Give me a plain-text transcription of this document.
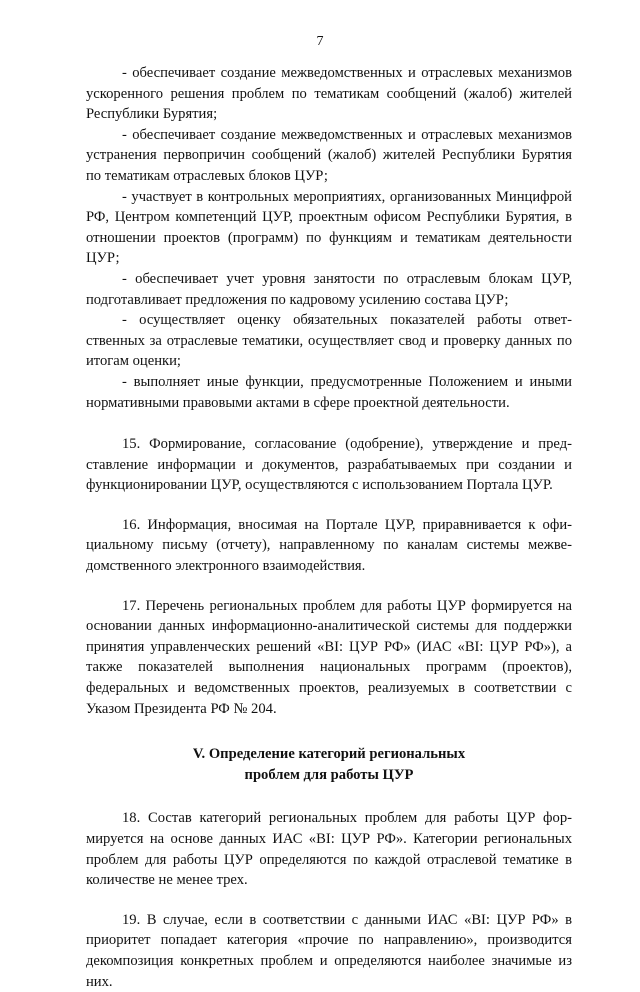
7

- обеспечивает создание межведомственных и отраслевых механизмов ускоренного решения проблем по тематикам сообщений (жалоб) жителей Республики Бурятия;

- обеспечивает создание межведомственных и отраслевых механизмов устранения первопричин сообщений (жалоб) жителей Республики Бурятия по тематикам отраслевых блоков ЦУР;

- участвует в контрольных мероприятиях, организованных Минцифрой РФ, Центром компетенций ЦУР, проектным офисом Республики Бурятия, в отношении проектов (программ) по функциям и тематикам деятельности ЦУР;

- обеспечивает учет уровня занятости по отраслевым блокам ЦУР, подготавливает предложения по кадровому усилению состава ЦУР;

- осуществляет оценку обязательных показателей работы ответственных за отраслевые тематики, осуществляет свод и проверку данных по итогам оценки;

- выполняет иные функции, предусмотренные Положением и иными нормативными правовыми актами в сфере проектной деятельности.

15. Формирование, согласование (одобрение), утверждение и представление информации и документов, разрабатываемых при создании и функционировании ЦУР, осуществляются с использованием Портала ЦУР.

16. Информация, вносимая на Портале ЦУР, приравнивается к официальному письму (отчету), направленному по каналам системы межведомственного электронного взаимодействия.

17. Перечень региональных проблем для работы ЦУР формируется на основании данных информационно-аналитической системы для поддержки принятия управленческих решений «BI: ЦУР РФ» (ИАС «BI: ЦУР РФ»), а также показателей выполнения национальных программ (проектов), федеральных и ведомственных проектов, реализуемых в соответствии с Указом Президента РФ № 204.

V. Определение категорий региональных

проблем для работы ЦУР

18. Состав категорий региональных проблем для работы ЦУР формируется на основе данных ИАС «BI: ЦУР РФ». Категории региональных проблем для работы ЦУР определяются по каждой отраслевой тематике в количестве не менее трех.

19. В случае, если в соответствии с данными ИАС «BI: ЦУР РФ» в приоритет попадает категория «прочие по направлению», производится декомпозиция конкретных проблем и определяются наиболее значимые из них.
